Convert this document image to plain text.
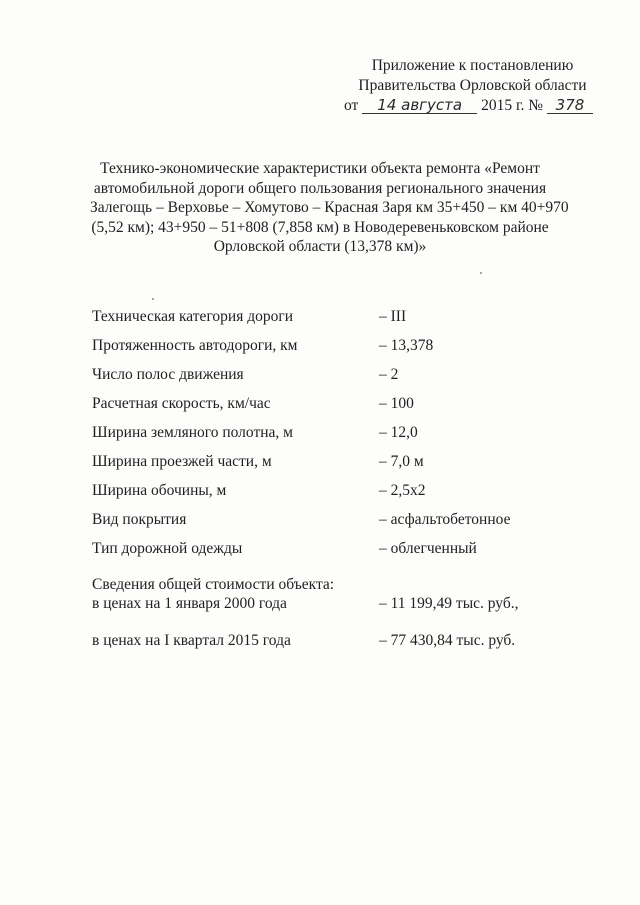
Приложение к постановлению
Правительства Орловской области
от 14 августа 2015 г. № 378
Технико-экономические характеристики объекта ремонта «Ремонт
автомобильной дороги общего пользования регионального значения
Залегощь – Верховье – Хомутово – Красная Заря км 35+450 – км 40+970
(5,52 км); 43+950 – 51+808 (7,858 км) в Новодеревеньковском районе
Орловской области (13,378 км)»
Техническая категория дороги	– III
Протяженность автодороги, км	– 13,378
Число полос движения	– 2
Расчетная скорость, км/час	– 100
Ширина земляного полотна, м	– 12,0
Ширина проезжей части, м	– 7,0 м
Ширина обочины, м	– 2,5x2
Вид покрытия	– асфальтобетонное
Тип дорожной одежды	– облегченный
Сведения общей стоимости объекта:
в ценах на 1 января 2000 года	– 11 199,49 тыс. руб.,
в ценах на I квартал 2015 года	– 77 430,84 тыс. руб.
